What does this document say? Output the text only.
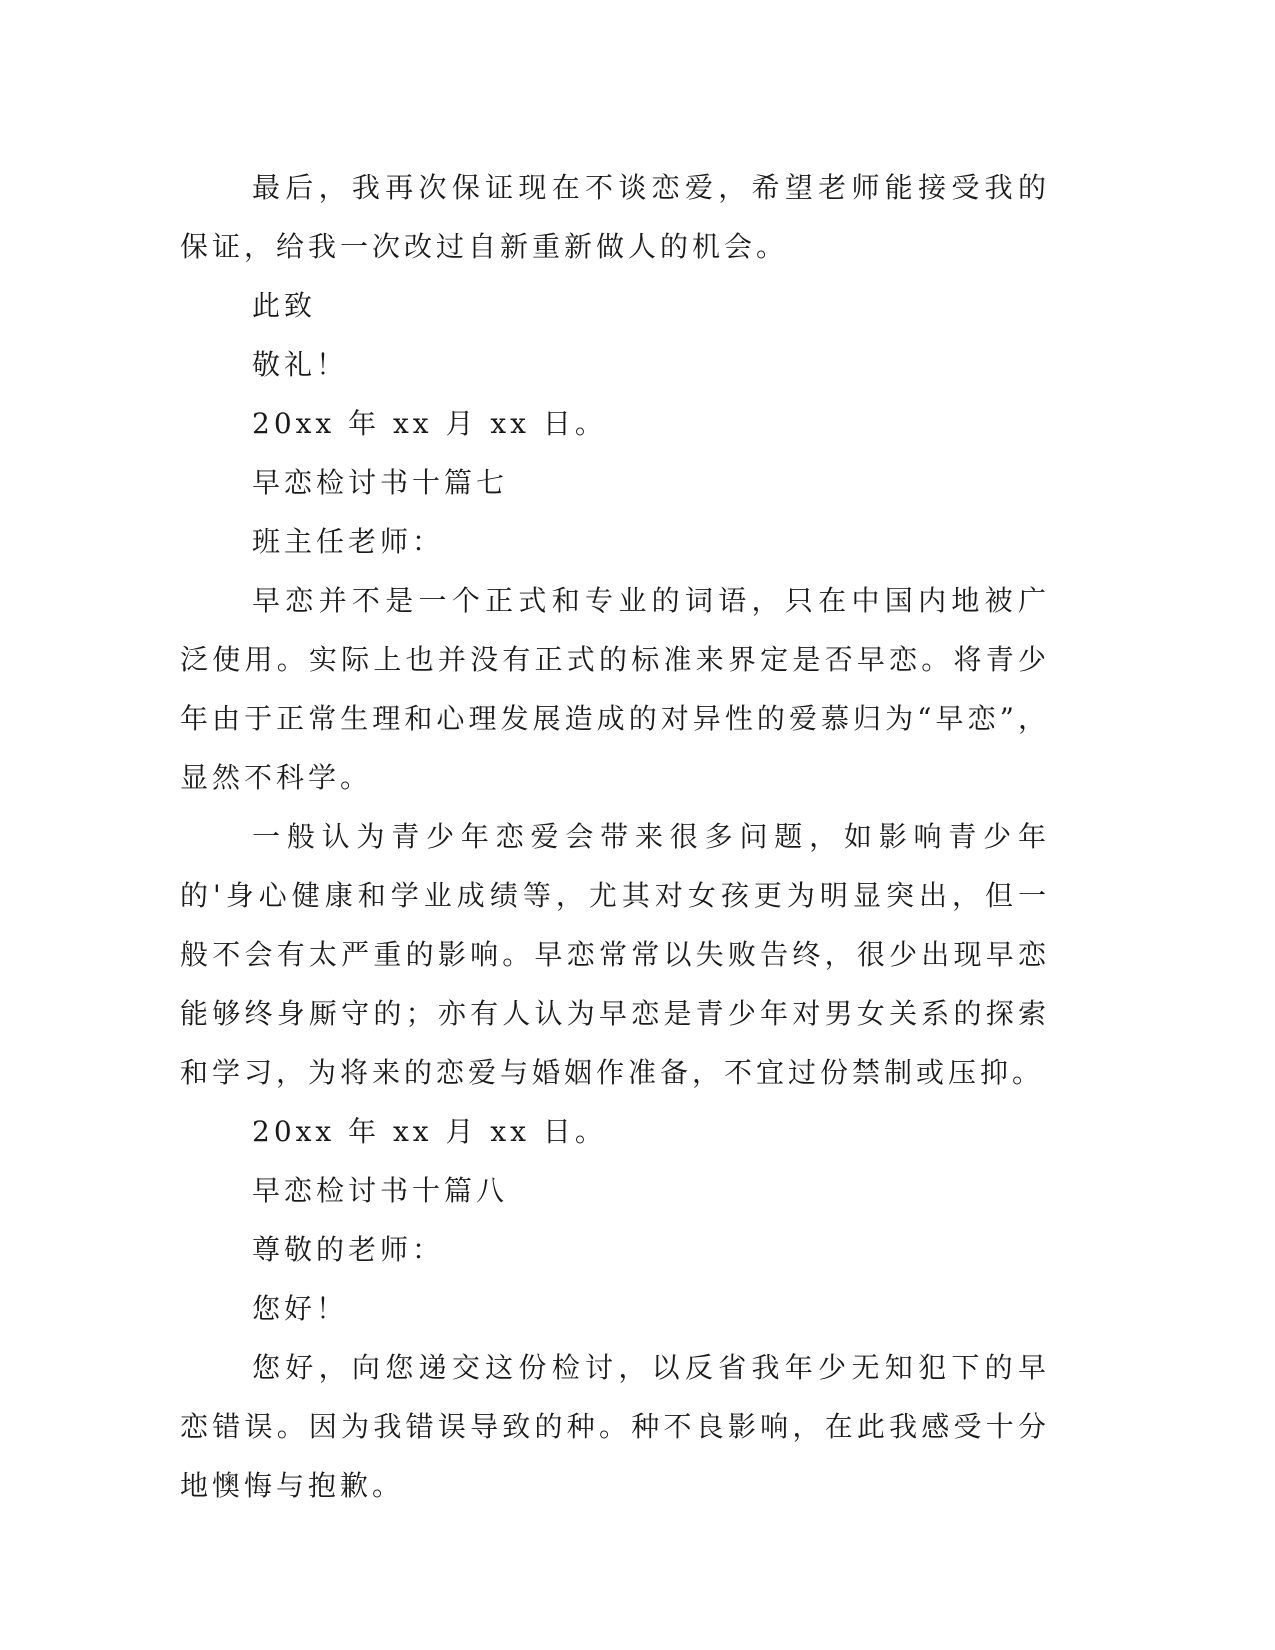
最后，我再次保证现在不谈恋爱，希望老师能接受我的保证，给我一次改过自新重新做人的机会。

此致

敬礼！

20xx 年 xx 月 xx 日。

早恋检讨书十篇七

班主任老师：

早恋并不是一个正式和专业的词语，只在中国内地被广泛使用。实际上也并没有正式的标准来界定是否早恋。将青少年由于正常生理和心理发展造成的对异性的爱慕归为“早恋”，显然不科学。

一般认为青少年恋爱会带来很多问题，如影响青少年的'身心健康和学业成绩等，尤其对女孩更为明显突出，但一般不会有太严重的影响。早恋常常以失败告终，很少出现早恋能够终身厮守的；亦有人认为早恋是青少年对男女关系的探索和学习，为将来的恋爱与婚姻作准备，不宜过份禁制或压抑。

20xx 年 xx 月 xx 日。

早恋检讨书十篇八

尊敬的老师：

您好！

您好，向您递交这份检讨，以反省我年少无知犯下的早恋错误。因为我错误导致的种。种不良影响，在此我感受十分地懊悔与抱歉。
